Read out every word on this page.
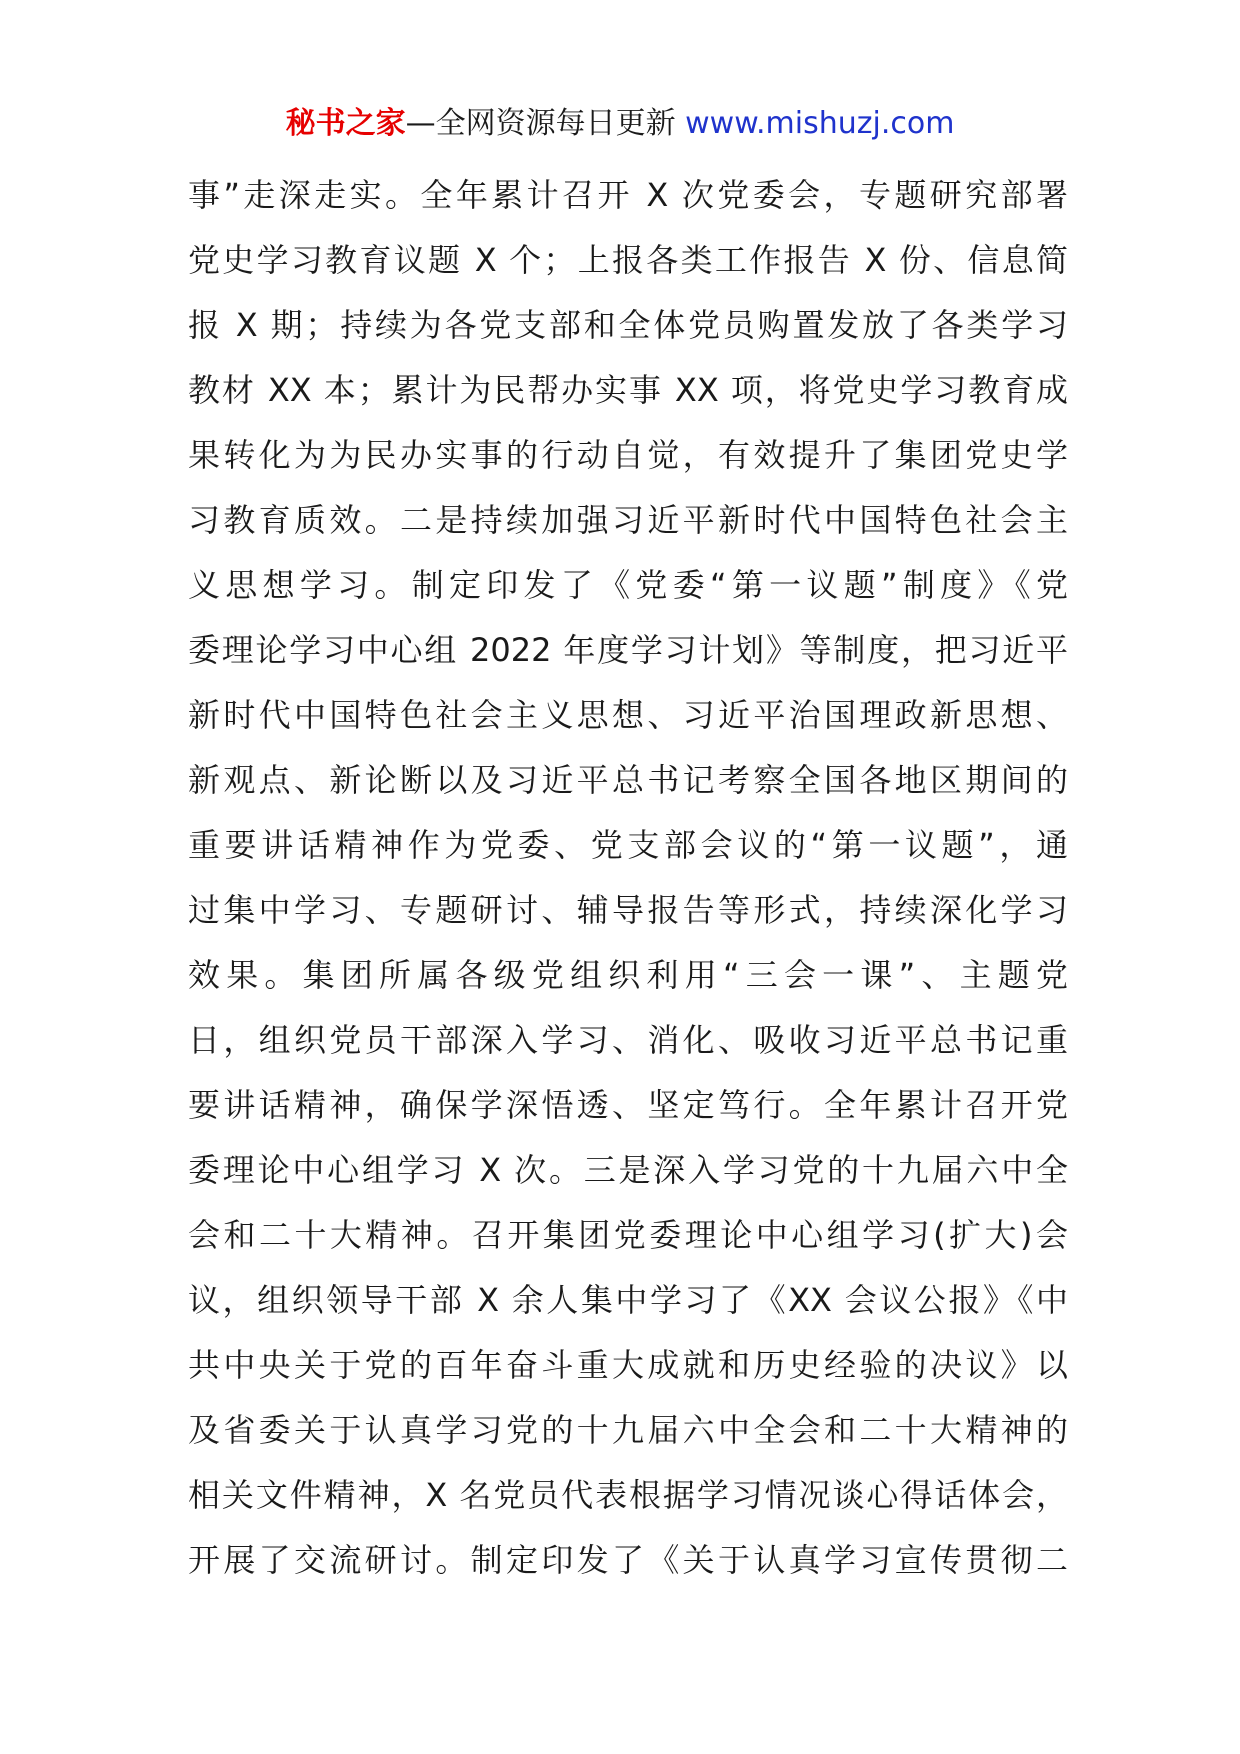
秘书之家—全网资源每日更新 www.mishuzj.com
事”走深走实。全年累计召开 X 次党委会，专题研究部署
党史学习教育议题 X 个；上报各类工作报告 X 份、信息简
报 X 期；持续为各党支部和全体党员购置发放了各类学习
教材 XX 本；累计为民帮办实事 XX 项，将党史学习教育成
果转化为为民办实事的行动自觉，有效提升了集团党史学
习教育质效。二是持续加强习近平新时代中国特色社会主
义思想学习。制定印发了《党委“第一议题”制度》《党
委理论学习中心组 2022 年度学习计划》等制度，把习近平
新时代中国特色社会主义思想、习近平治国理政新思想、
新观点、新论断以及习近平总书记考察全国各地区期间的
重要讲话精神作为党委、党支部会议的“第一议题”，通
过集中学习、专题研讨、辅导报告等形式，持续深化学习
效果。集团所属各级党组织利用“三会一课”、主题党
日，组织党员干部深入学习、消化、吸收习近平总书记重
要讲话精神，确保学深悟透、坚定笃行。全年累计召开党
委理论中心组学习 X 次。三是深入学习党的十九届六中全
会和二十大精神。召开集团党委理论中心组学习(扩大)会
议，组织领导干部 X 余人集中学习了《XX 会议公报》《中
共中央关于党的百年奋斗重大成就和历史经验的决议》以
及省委关于认真学习党的十九届六中全会和二十大精神的
相关文件精神，X 名党员代表根据学习情况谈心得话体会，
开展了交流研讨。制定印发了《关于认真学习宣传贯彻二
